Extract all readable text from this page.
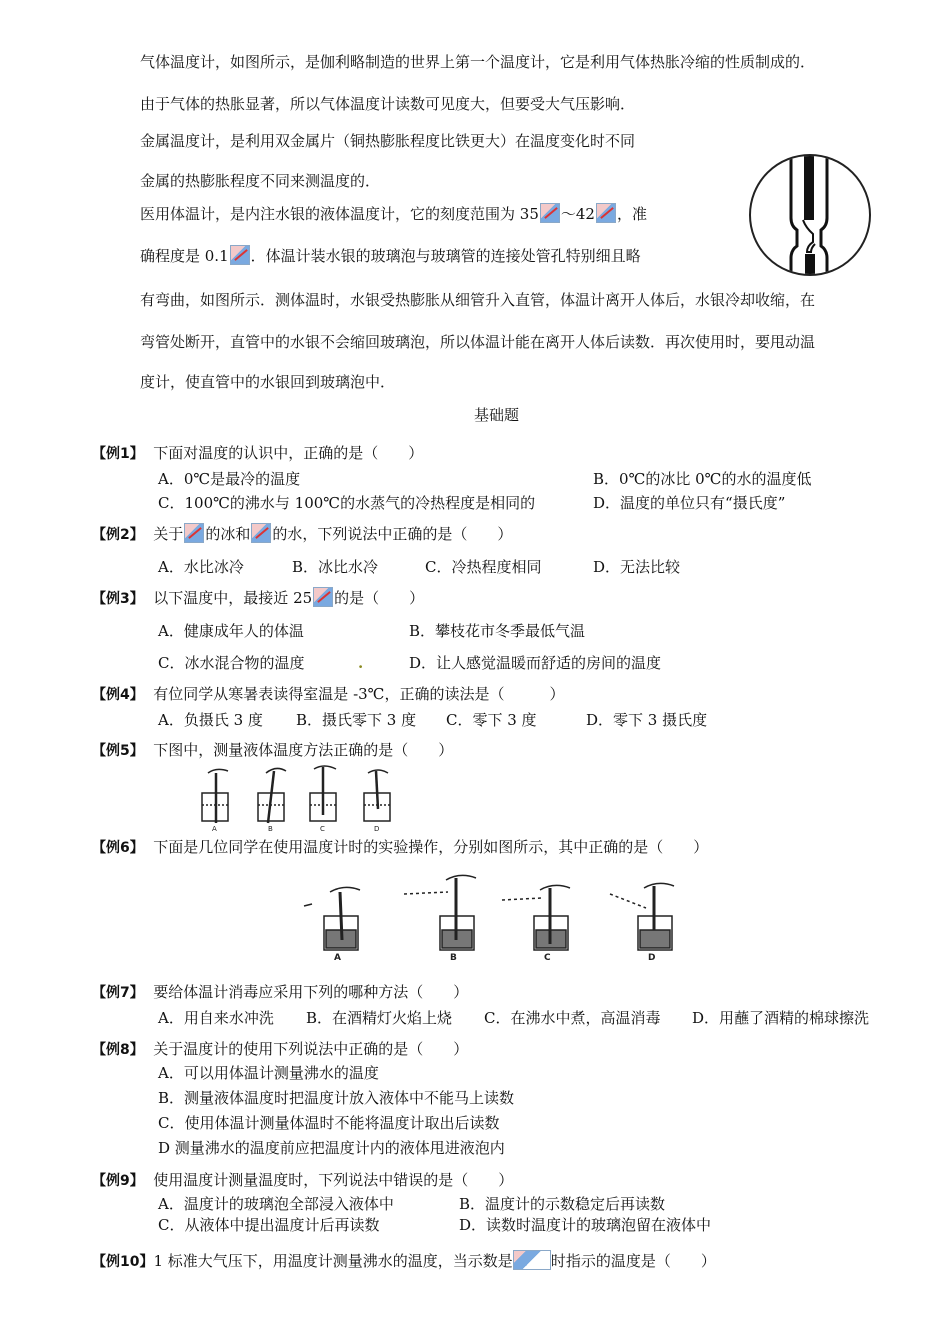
气体温度计，如图所示，是伽利略制造的世界上第一个温度计，它是利用气体热胀冷缩的性质制成的．
由于气体的热胀显著，所以气体温度计读数可见度大，但要受大气压影响．
金属温度计，是利用双金属片（铜热膨胀程度比铁更大）在温度变化时不同
金属的热膨胀程度不同来测温度的．
医用体温计，是内注水银的液体温度计，它的刻度范围为 35 ～42 ，准
确程度是 0.1 ．体温计装水银的玻璃泡与玻璃管的连接处管孔特别细且略
有弯曲，如图所示．测体温时，水银受热膨胀从细管升入直管，体温计离开人体后，水银冷却收缩，在
弯管处断开，直管中的水银不会缩回玻璃泡，所以体温计能在离开人体后读数．再次使用时，要甩动温
度计，使直管中的水银回到玻璃泡中．
基础题
【例1】 下面对温度的认识中，正确的是（　　）
A．0℃是最冷的温度	B．0℃的冰比 0℃的水的温度低
C．100℃的沸水与 100℃的水蒸气的冷热程度是相同的	D．温度的单位只有“摄氏度”
【例2】 关于 的冰和 的水，下列说法中正确的是（　　）
A．水比冰冷	B．冰比水冷	C．冷热程度相同	D．无法比较
【例3】 以下温度中，最接近 25 的是（　　）
A．健康成年人的体温	B．攀枝花市冬季最低气温
C．冰水混合物的温度	.	D．让人感觉温暖而舒适的房间的温度
【例4】 有位同学从寒暑表读得室温是 -3℃，正确的读法是（　　　）
A．负摄氏 3 度 B．摄氏零下 3 度 C．零下 3 度	D．零下 3 摄氏度
【例5】 下图中，测量液体温度方法正确的是（　　）
A	B	C	D
【例6】 下面是几位同学在使用温度计时的实验操作，分别如图所示，其中正确的是（　　）
A	B	C	D
【例7】 要给体温计消毒应采用下列的哪种方法（　　）
A．用自来水冲洗 B．在酒精灯火焰上烧 C．在沸水中煮，高温消毒 D．用蘸了酒精的棉球擦洗
【例8】 关于温度计的使用下列说法中正确的是（　　）
A．可以用体温计测量沸水的温度
B．测量液体温度时把温度计放入液体中不能马上读数
C．使用体温计测量体温时不能将温度计取出后读数
D 测量沸水的温度前应把温度计内的液体甩进液泡内
【例9】 使用温度计测量温度时，下列说法中错误的是（　　）
A．温度计的玻璃泡全部浸入液体中	B．温度计的示数稳定后再读数
C．从液体中提出温度计后再读数	D．读数时温度计的玻璃泡留在液体中
【例10】1 标准大气压下，用温度计测量沸水的温度，当示数是	时指示的温度是（　　）
